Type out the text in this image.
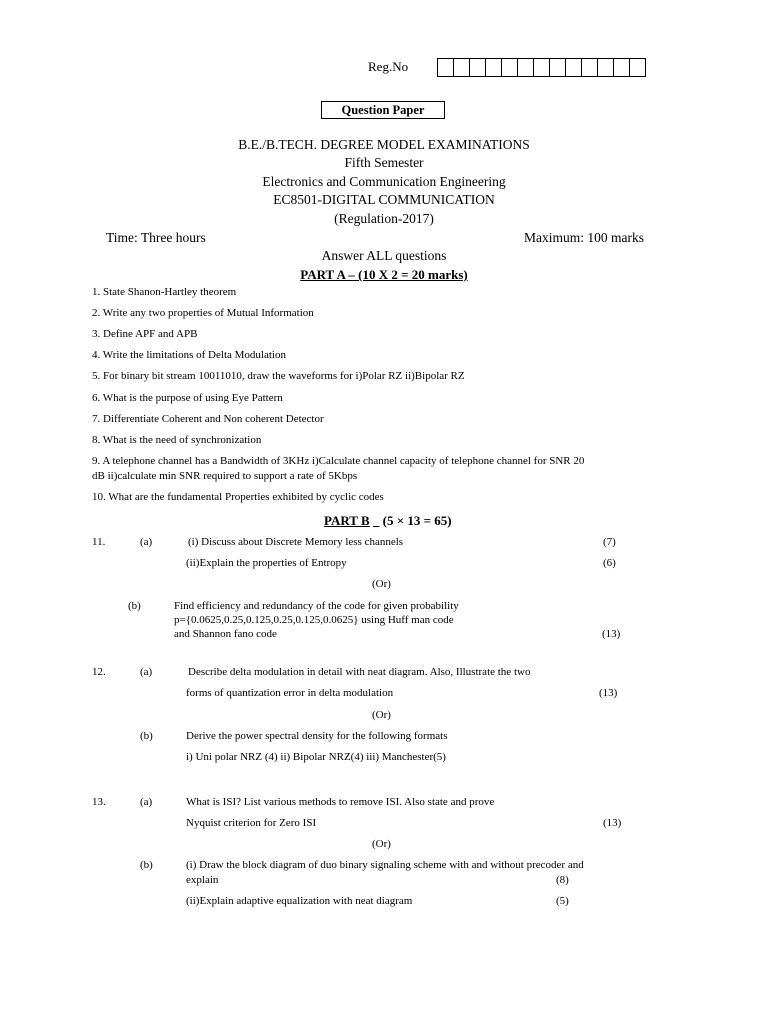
Reg.No
Question Paper
B.E./B.TECH. DEGREE MODEL EXAMINATIONS
Fifth Semester
Electronics and Communication Engineering
EC8501-DIGITAL COMMUNICATION
(Regulation-2017)
Time: Three hours	Maximum: 100 marks
Answer ALL questions
PART A – (10 X 2 = 20 marks)
1. State Shanon-Hartley theorem
2. Write any two properties of Mutual Information
3. Define APF and APB
4. Write the limitations of Delta Modulation
5. For binary bit stream 10011010, draw the waveforms for i)Polar RZ ii)Bipolar RZ
6. What is the purpose of using Eye Pattern
7. Differentiate Coherent and Non coherent Detector
8. What is the need of synchronization
9. A telephone channel has a Bandwidth of 3KHz i)Calculate channel capacity of telephone channel for SNR 20
dB ii)calculate min SNR required to support a rate of 5Kbps
10. What are the fundamental Properties exhibited by cyclic codes
PART B (5 × 13 = 65)
11.	(a)	(i) Discuss about Discrete Memory less channels	(7)
(ii)Explain the properties of Entropy	(6)
(Or)
(b)	Find efficiency and redundancy of the code for given probability
p={0.0625,0.25,0.125,0.25,0.125,0.0625} using Huff man code
and Shannon fano code	(13)
12.	(a)	Describe delta modulation in detail with neat diagram. Also, Illustrate the two
forms of quantization error in delta modulation	(13)
(Or)
(b)	Derive the power spectral density for the following formats
i) Uni polar NRZ (4) ii) Bipolar NRZ(4) iii) Manchester(5)
13.	(a)	What is ISI? List various methods to remove ISI. Also state and prove
Nyquist criterion for Zero ISI	(13)
(Or)
(b)	(i) Draw the block diagram of duo binary signaling scheme with and without precoder and
explain	(8)
(ii)Explain adaptive equalization with neat diagram	(5)
